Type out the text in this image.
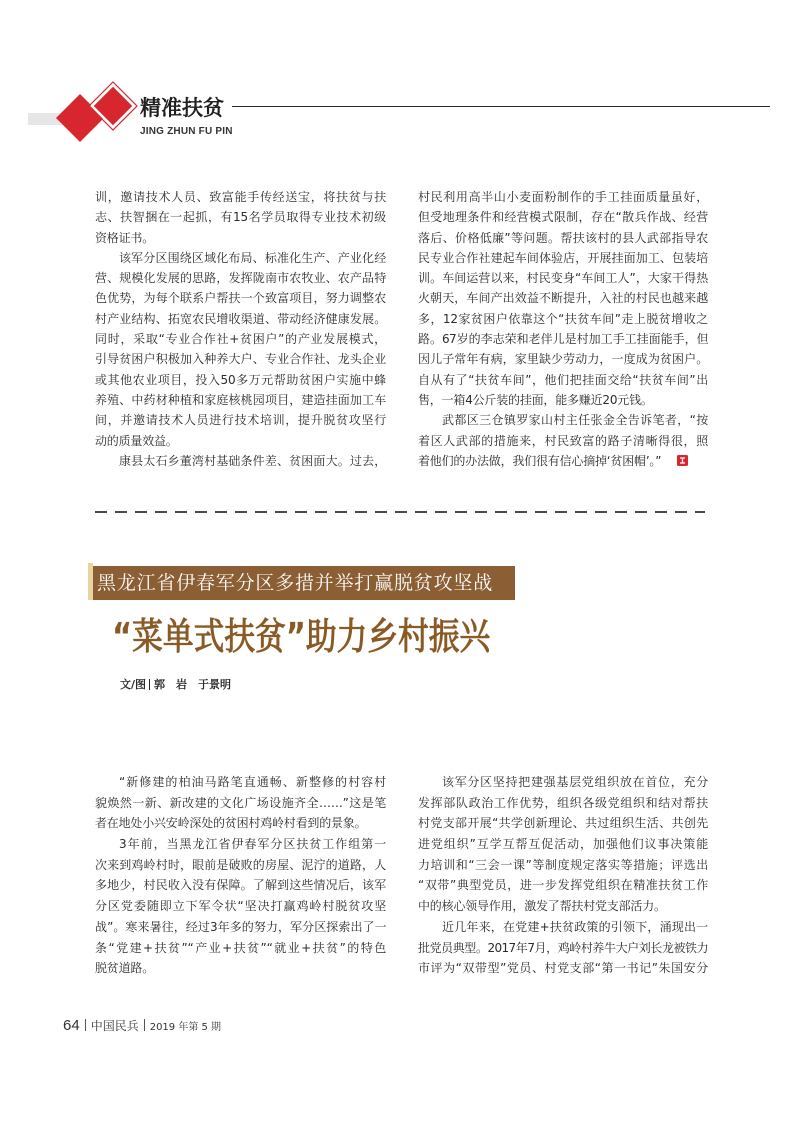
精准扶贫
JING ZHUN FU PIN
训，邀请技术人员、致富能手传经送宝，将扶贫与扶
志、扶智捆在一起抓，有15名学员取得专业技术初级
资格证书。
该军分区围绕区域化布局、标准化生产、产业化经
营、规模化发展的思路，发挥陇南市农牧业、农产品特
色优势，为每个联系户帮扶一个致富项目，努力调整农
村产业结构、拓宽农民增收渠道、带动经济健康发展。
同时，采取“专业合作社+贫困户”的产业发展模式，
引导贫困户积极加入种养大户、专业合作社、龙头企业
或其他农业项目，投入50多万元帮助贫困户实施中蜂
养殖、中药材种植和家庭核桃园项目，建造挂面加工车
间，并邀请技术人员进行技术培训，提升脱贫攻坚行
动的质量效益。
康县太石乡董湾村基础条件差、贫困面大。过去，
村民利用高半山小麦面粉制作的手工挂面质量虽好，
但受地理条件和经营模式限制，存在“散兵作战、经营
落后、价格低廉”等问题。帮扶该村的县人武部指导农
民专业合作社建起车间体验店，开展挂面加工、包装培
训。车间运营以来，村民变身“车间工人”，大家干得热
火朝天，车间产出效益不断提升，入社的村民也越来越
多，12家贫困户依靠这个“扶贫车间”走上脱贫增收之
路。67岁的李志荣和老伴儿是村加工手工挂面能手，但
因儿子常年有病，家里缺少劳动力，一度成为贫困户。
自从有了“扶贫车间”，他们把挂面交给“扶贫车间”出
售，一箱4公斤装的挂面，能多赚近20元钱。
武都区三仓镇罗家山村主任张金全告诉笔者，“按
着区人武部的措施来，村民致富的路子清晰得很，照
着他们的办法做，我们很有信心摘掉‘贫困帽’。”
黑龙江省伊春军分区多措并举打赢脱贫攻坚战
“菜单式扶贫”助力乡村振兴
文/图 郭　岩　于景明
“新修建的柏油马路笔直通畅、新整修的村容村
貌焕然一新、新改建的文化广场设施齐全……”这是笔
者在地处小兴安岭深处的贫困村鸡岭村看到的景象。
3年前，当黑龙江省伊春军分区扶贫工作组第一
次来到鸡岭村时，眼前是破败的房屋、泥泞的道路，人
多地少，村民收入没有保障。了解到这些情况后，该军
分区党委随即立下军令状“坚决打赢鸡岭村脱贫攻坚
战”。寒来暑往，经过3年多的努力，军分区探索出了一
条“党建+扶贫”“产业+扶贫”“就业+扶贫”的特色
脱贫道路。
该军分区坚持把建强基层党组织放在首位，充分
发挥部队政治工作优势，组织各级党组织和结对帮扶
村党支部开展“共学创新理论、共过组织生活、共创先
进党组织”互学互帮互促活动，加强他们议事决策能
力培训和“三会一课”等制度规定落实等措施；评选出
“双带”典型党员，进一步发挥党组织在精准扶贫工作
中的核心领导作用，激发了帮扶村党支部活力。
近几年来，在党建+扶贫政策的引领下，涌现出一
批党员典型。2017年7月，鸡岭村养牛大户刘长龙被铁力
市评为“双带型”党员、村党支部“第一书记”朱国安分
64 中国民兵 2019 年第 5 期
